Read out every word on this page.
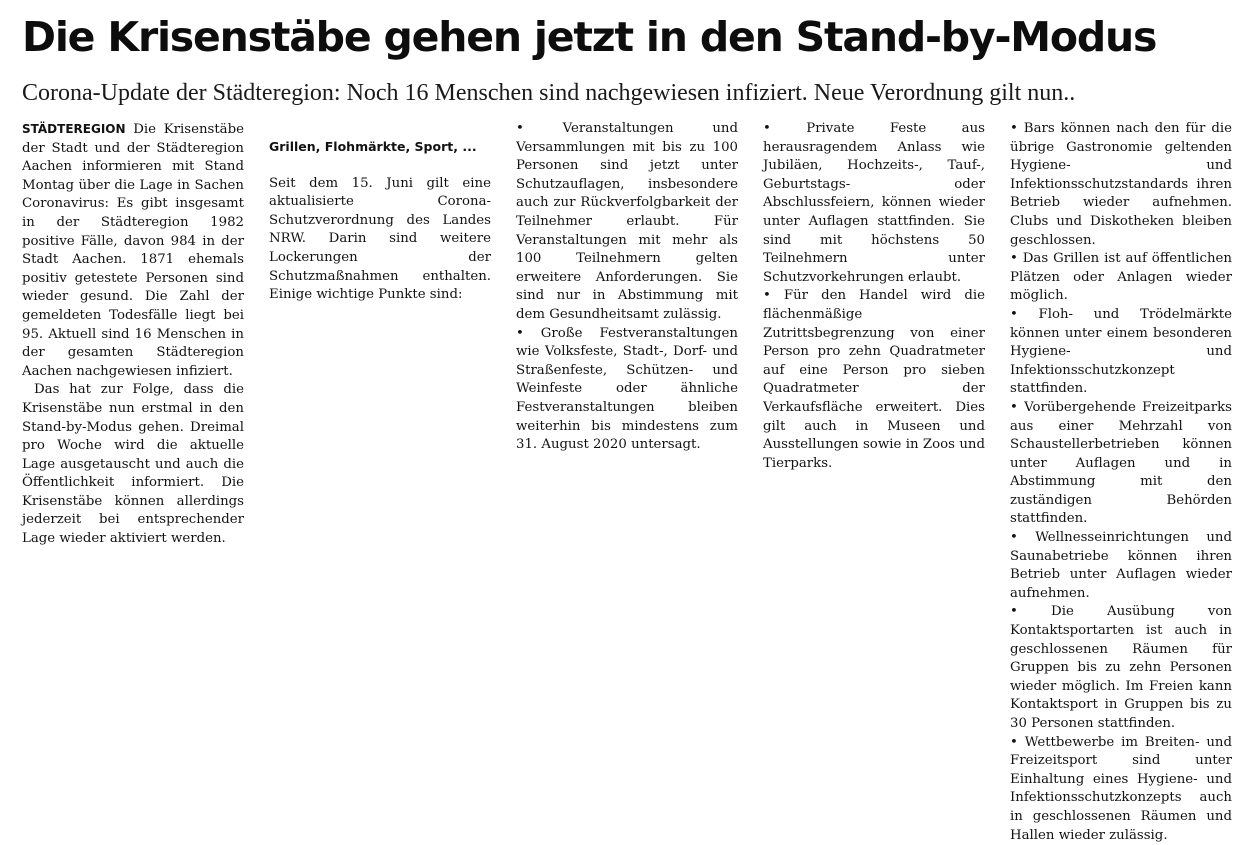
Die Krisenstäbe gehen jetzt in den Stand-by-Modus
Corona-Update der Städteregion: Noch 16 Menschen sind nachgewiesen infiziert. Neue Verordnung gilt nun..

STÄDTEREGION Die Krisenstäbe der Stadt und der Städteregion Aachen informieren mit Stand Montag über die Lage in Sachen Coronavirus: Es gibt insgesamt in der Städteregion 1982 positive Fälle, davon 984 in der Stadt Aachen. 1871 ehemals positiv getestete Personen sind wieder gesund. Die Zahl der gemeldeten Todesfälle liegt bei 95. Aktuell sind 16 Menschen in der gesamten Städteregion Aachen nachgewiesen infiziert.

Das hat zur Folge, dass die Krisenstäbe nun erstmal in den Stand-by-Modus gehen. Dreimal pro Woche wird die aktuelle Lage ausgetauscht und auch die Öffentlichkeit informiert. Die Krisenstäbe können allerdings jederzeit bei entsprechender Lage wieder aktiviert werden.

Grillen, Flohmärkte, Sport, ...

Seit dem 15. Juni gilt eine aktualisierte Corona-Schutzverordnung des Landes NRW. Darin sind weitere Lockerungen der Schutzmaßnahmen enthalten. Einige wichtige Punkte sind:

• Veranstaltungen und Versammlungen mit bis zu 100 Personen sind jetzt unter Schutzauflagen, insbesondere auch zur Rückverfolgbarkeit der Teilnehmer erlaubt. Für Veranstaltungen mit mehr als 100 Teilnehmern gelten erweitere Anforderungen. Sie sind nur in Abstimmung mit dem Gesundheitsamt zulässig.

• Große Festveranstaltungen wie Volksfeste, Stadt-, Dorf- und Straßenfeste, Schützen- und Weinfeste oder ähnliche Festveranstaltungen bleiben weiterhin bis mindestens zum 31. August 2020 untersagt.

• Private Feste aus herausragendem Anlass wie Jubiläen, Hochzeits-, Tauf-, Geburtstags- oder Abschlussfeiern, können wieder unter Auflagen stattfinden. Sie sind mit höchstens 50 Teilnehmern unter Schutzvorkehrungen erlaubt.

• Für den Handel wird die flächenmäßige Zutrittsbegrenzung von einer Person pro zehn Quadratmeter auf eine Person pro sieben Quadratmeter der Verkaufsfläche erweitert. Dies gilt auch in Museen und Ausstellungen sowie in Zoos und Tierparks.

• Bars können nach den für die übrige Gastronomie geltenden Hygiene- und Infektionsschutzstandards ihren Betrieb wieder aufnehmen. Clubs und Diskotheken bleiben geschlossen.

• Das Grillen ist auf öffentlichen Plätzen oder Anlagen wieder möglich.

• Floh- und Trödelmärkte können unter einem besonderen Hygiene- und Infektionsschutzkonzept stattfinden.

• Vorübergehende Freizeitparks aus einer Mehrzahl von Schaustellerbetrieben können unter Auflagen und in Abstimmung mit den zuständigen Behörden stattfinden.

• Wellnesseinrichtungen und Saunabetriebe können ihren Betrieb unter Auflagen wieder aufnehmen.

• Die Ausübung von Kontaktsportarten ist auch in geschlossenen Räumen für Gruppen bis zu zehn Personen wieder möglich. Im Freien kann Kontaktsport in Gruppen bis zu 30 Personen stattfinden.

• Wettbewerbe im Breiten- und Freizeitsport sind unter Einhaltung eines Hygiene- und Infektionsschutzkonzepts auch in geschlossenen Räumen und Hallen wieder zulässig.
